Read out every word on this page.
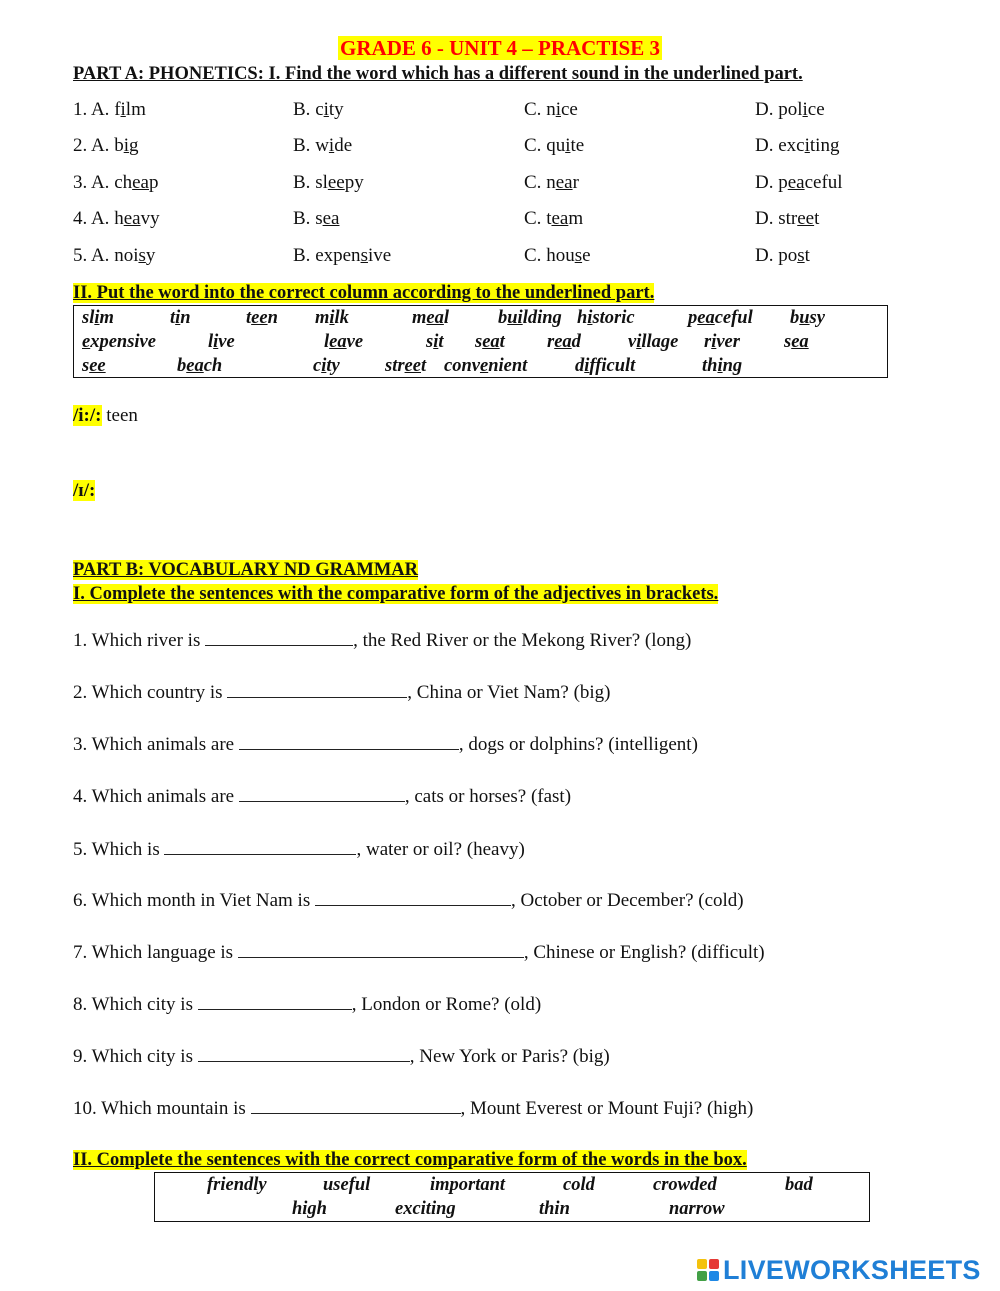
GRADE 6 - UNIT 4 – PRACTISE 3
PART A: PHONETICS: I. Find the word which has a different sound in the underlined part.
1. A. film	B. city	C. nice	D. police
2. A. big	B. wide	C. quite	D. exciting
3. A. cheap	B. sleepy	C. near	D. peaceful
4. A. heavy	B. sea	C. team	D. street
5. A. noisy	B. expensive	C. house	D. post
II. Put the word into the correct column according to the underlined part.
slim	tin	teen milk	meal	building historic	peaceful busy
expensive	live	leave	sit seat read	village river sea
see	beach	city street convenient	difficult	thing
/i:/: teen
/ɪ/:
PART B: VOCABULARY ND GRAMMAR
I. Complete the sentences with the comparative form of the adjectives in brackets.
1. Which river is	, the Red River or the Mekong River? (long)
2. Which country is	, China or Viet Nam? (big)
3. Which animals are	, dogs or dolphins? (intelligent)
4. Which animals are	, cats or horses? (fast)
5. Which is	, water or oil? (heavy)
6. Which month in Viet Nam is	, October or December? (cold)
7. Which language is	, Chinese or English? (difficult)
8. Which city is	, London or Rome? (old)
9. Which city is	, New York or Paris? (big)
10. Which mountain is	, Mount Everest or Mount Fuji? (high)
II. Complete the sentences with the correct comparative form of the words in the box.
friendly	useful	important	cold	crowded	bad
high	exciting	thin	narrow
LIVEWORKSHEETS
